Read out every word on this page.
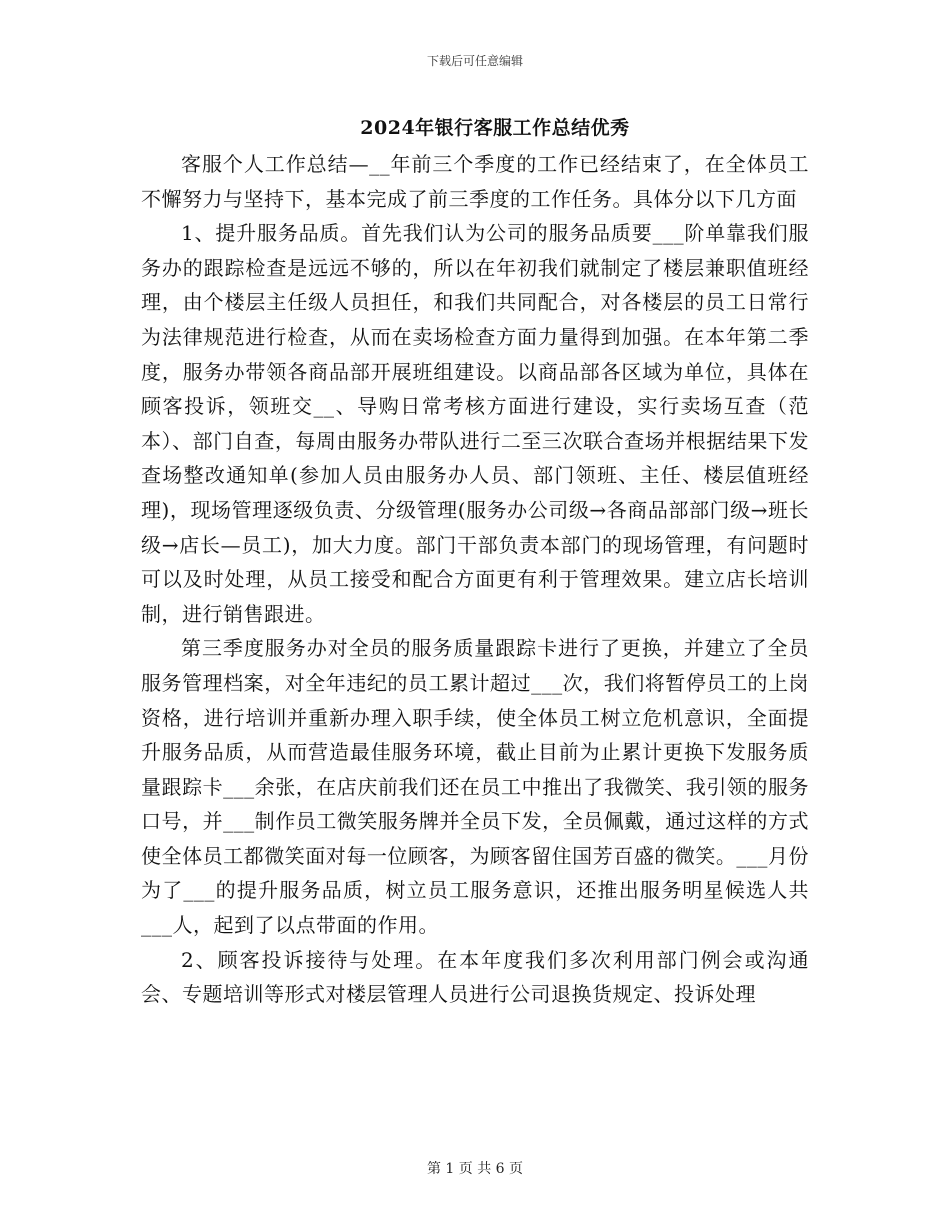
下载后可任意编辑
2024年银行客服工作总结优秀

客服个人工作总结—__年前三个季度的工作已经结束了，在全体员工不懈努力与坚持下，基本完成了前三季度的工作任务。具体分以下几方面

1、提升服务品质。首先我们认为公司的服务品质要___阶单靠我们服务办的跟踪检查是远远不够的，所以在年初我们就制定了楼层兼职值班经理，由个楼层主任级人员担任，和我们共同配合，对各楼层的员工日常行为法律规范进行检查，从而在卖场检查方面力量得到加强。在本年第二季度，服务办带领各商品部开展班组建设。以商品部各区域为单位，具体在顾客投诉，领班交__、导购日常考核方面进行建设，实行卖场互查（范本）、部门自查，每周由服务办带队进行二至三次联合查场并根据结果下发查场整改通知单(参加人员由服务办人员、部门领班、主任、楼层值班经理)，现场管理逐级负责、分级管理(服务办公司级→各商品部部门级→班长级→店长—员工)，加大力度。部门干部负责本部门的现场管理，有问题时可以及时处理，从员工接受和配合方面更有利于管理效果。建立店长培训制，进行销售跟进。

第三季度服务办对全员的服务质量跟踪卡进行了更换，并建立了全员服务管理档案，对全年违纪的员工累计超过___次，我们将暂停员工的上岗资格，进行培训并重新办理入职手续，使全体员工树立危机意识，全面提升服务品质，从而营造最佳服务环境，截止目前为止累计更换下发服务质量跟踪卡___余张，在店庆前我们还在员工中推出了我微笑、我引领的服务口号，并___制作员工微笑服务牌并全员下发，全员佩戴，通过这样的方式使全体员工都微笑面对每一位顾客，为顾客留住国芳百盛的微笑。___月份为了___的提升服务品质，树立员工服务意识，还推出服务明星候选人共___人，起到了以点带面的作用。

2、顾客投诉接待与处理。在本年度我们多次利用部门例会或沟通会、专题培训等形式对楼层管理人员进行公司退换货规定、投诉处理

第 1 页 共 6 页
